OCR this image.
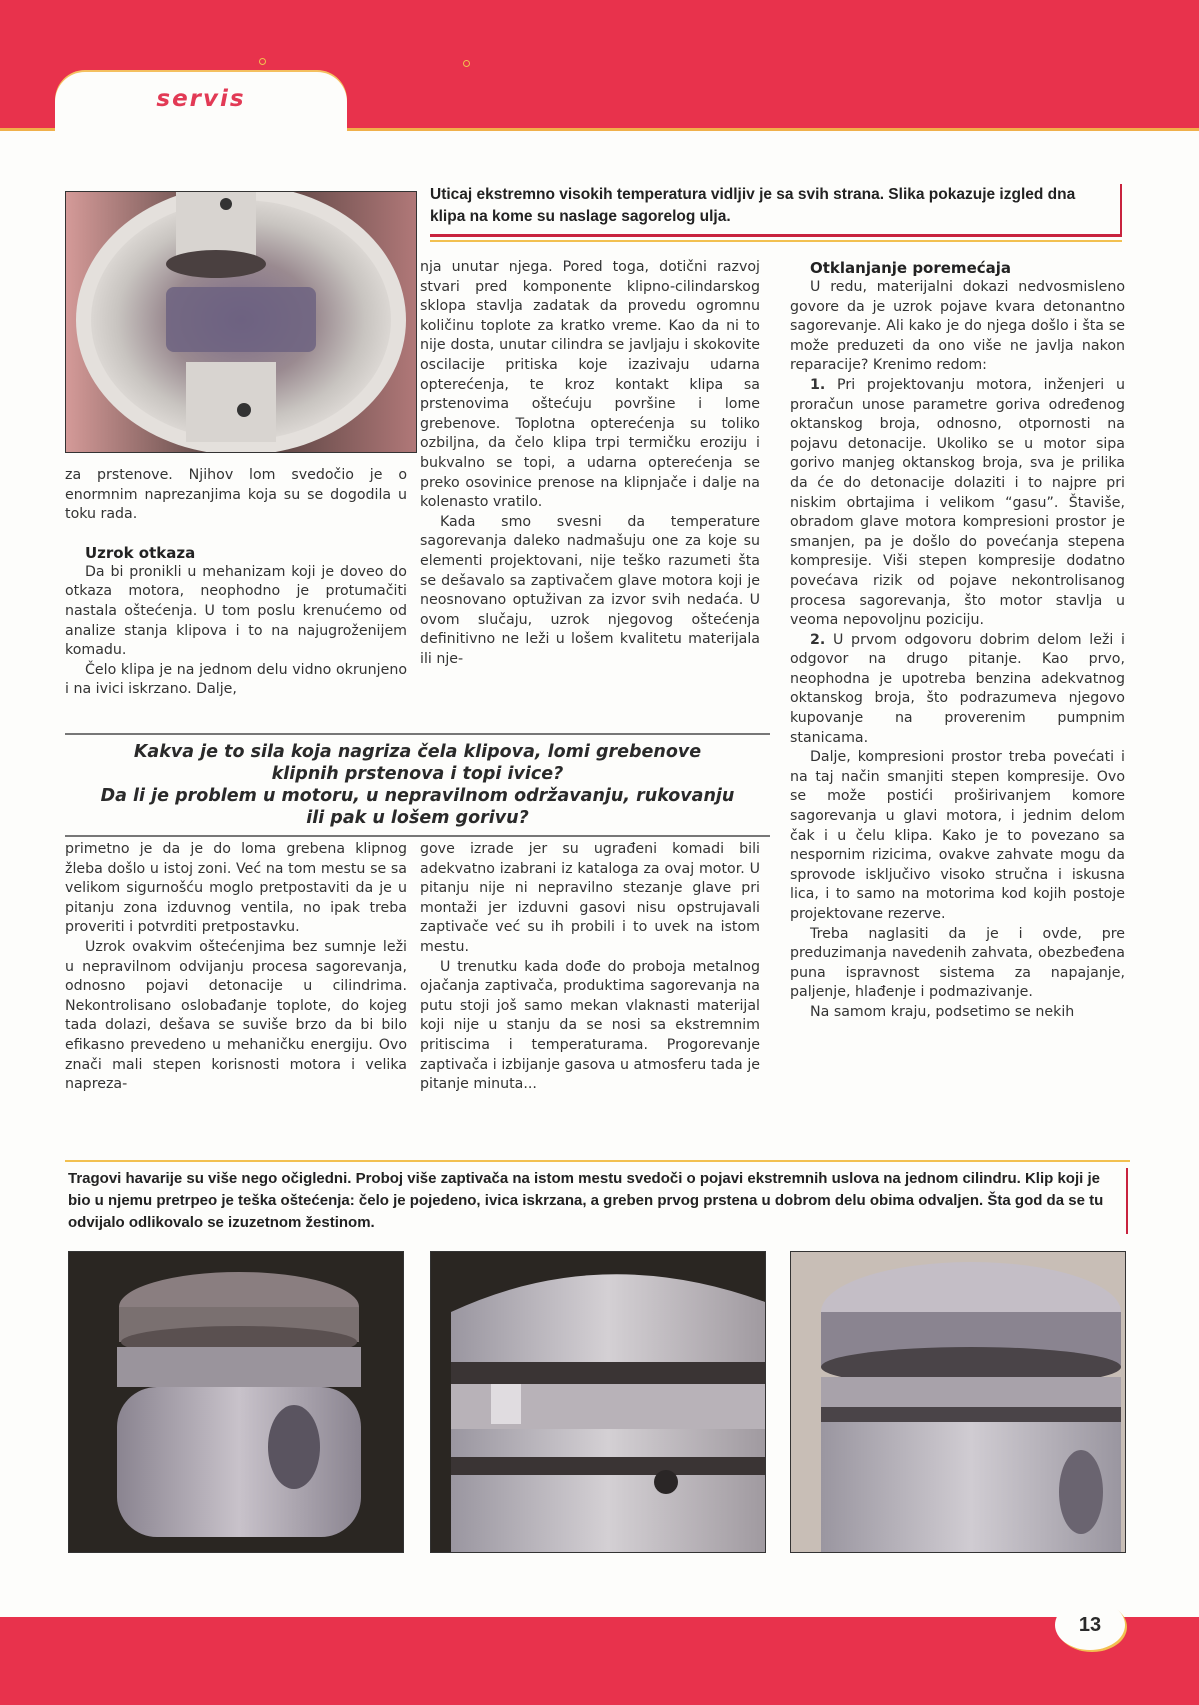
servis
Uticaj ekstremno visokih temperatura vidljiv je sa svih strana. Slika pokazuje izgled dna klipa na kome su naslage sagorelog ulja.

za prstenove. Njihov lom svedočio je o enormnim naprezanjima koja su se dogodila u toku rada.

Uzrok otkaza

Da bi pronikli u mehanizam koji je doveo do otkaza motora, neophodno je protumačiti nastala oštećenja. U tom poslu krenućemo od analize stanja klipova i to na najugroženijem komadu.

Čelo klipa je na jednom delu vidno okrunjeno i na ivici iskrzano. Dalje,

nja unutar njega. Pored toga, dotični razvoj stvari pred komponente klipno-cilindarskog sklopa stavlja zadatak da provedu ogromnu količinu toplote za kratko vreme. Kao da ni to nije dosta, unutar cilindra se javljaju i skokovite oscilacije pritiska koje izazivaju udarna opterećenja, te kroz kontakt klipa sa prstenovima oštećuju površine i lome grebenove. Toplotna opterećenja su toliko ozbiljna, da čelo klipa trpi termičku eroziju i bukvalno se topi, a udarna opterećenja se preko osovinice prenose na klipnjače i dalje na kolenasto vratilo.

Kada smo svesni da temperature sagorevanja daleko nadmašuju one za koje su elementi projektovani, nije teško razumeti šta se dešavalo sa zaptivačem glave motora koji je neosnovano optuživan za izvor svih nedaća. U ovom slučaju, uzrok njegovog oštećenja definitivno ne leži u lošem kvalitetu materijala ili nje-

Otklanjanje poremećaja

U redu, materijalni dokazi nedvosmisleno govore da je uzrok pojave kvara detonantno sagorevanje. Ali kako je do njega došlo i šta se može preduzeti da ono više ne javlja nakon reparacije? Krenimo redom:

1. Pri projektovanju motora, inženjeri u proračun unose parametre goriva određenog oktanskog broja, odnosno, otpornosti na pojavu detonacije. Ukoliko se u motor sipa gorivo manjeg oktanskog broja, sva je prilika da će do detonacije dolaziti i to najpre pri niskim obrtajima i velikom “gasu”. Štaviše, obradom glave motora kompresioni prostor je smanjen, pa je došlo do povećanja stepena kompresije. Viši stepen kompresije dodatno povećava rizik od pojave nekontrolisanog procesa sagorevanja, što motor stavlja u veoma nepovoljnu poziciju.

2. U prvom odgovoru dobrim delom leži i odgovor na drugo pitanje. Kao prvo, neophodna je upotreba benzina adekvatnog oktanskog broja, što podrazumeva njegovo kupovanje na proverenim pumpnim stanicama.

Dalje, kompresioni prostor treba povećati i na taj način smanjiti stepen kompresije. Ovo se može postići proširivanjem komore sagorevanja u glavi motora, i jednim delom čak i u čelu klipa. Kako je to povezano sa nespornim rizicima, ovakve zahvate mogu da sprovode isključivo visoko stručna i iskusna lica, i to samo na motorima kod kojih postoje projektovane rezerve.

Treba naglasiti da je i ovde, pre preduzimanja navedenih zahvata, obezbeđena puna ispravnost sistema za napajanje, paljenje, hlađenje i podmazivanje.

Na samom kraju, podsetimo se nekih

Kakva je to sila koja nagriza čela klipova, lomi grebenove
klipnih prstenova i topi ivice?
Da li je problem u motoru, u nepravilnom održavanju, rukovanju
ili pak u lošem gorivu?

primetno je da je do loma grebena klipnog žleba došlo u istoj zoni. Već na tom mestu se sa velikom sigurnošću moglo pretpostaviti da je u pitanju zona izduvnog ventila, no ipak treba proveriti i potvrditi pretpostavku.

Uzrok ovakvim oštećenjima bez sumnje leži u nepravilnom odvijanju procesa sagorevanja, odnosno pojavi detonacije u cilindrima. Nekontrolisano oslobađanje toplote, do kojeg tada dolazi, dešava se suviše brzo da bi bilo efikasno prevedeno u mehaničku energiju. Ovo znači mali stepen korisnosti motora i velika napreza-

gove izrade jer su ugrađeni komadi bili adekvatno izabrani iz kataloga za ovaj motor. U pitanju nije ni nepravilno stezanje glave pri montaži jer izduvni gasovi nisu opstrujavali zaptivače već su ih probili i to uvek na istom mestu.

U trenutku kada dođe do proboja metalnog ojačanja zaptivača, produktima sagorevanja na putu stoji još samo mekan vlaknasti materijal koji nije u stanju da se nosi sa ekstremnim pritiscima i temperaturama. Progorevanje zaptivača i izbijanje gasova u atmosferu tada je pitanje minuta...

Tragovi havarije su više nego očigledni. Proboj više zaptivača na istom mestu svedoči o pojavi ekstremnih uslova na jednom cilindru. Klip koji je bio u njemu pretrpeo je teška oštećenja: čelo je pojedeno, ivica iskrzana, a greben prvog prstena u dobrom delu obima odvaljen. Šta god da se tu odvijalo odlikovalo se izuzetnom žestinom.
13
